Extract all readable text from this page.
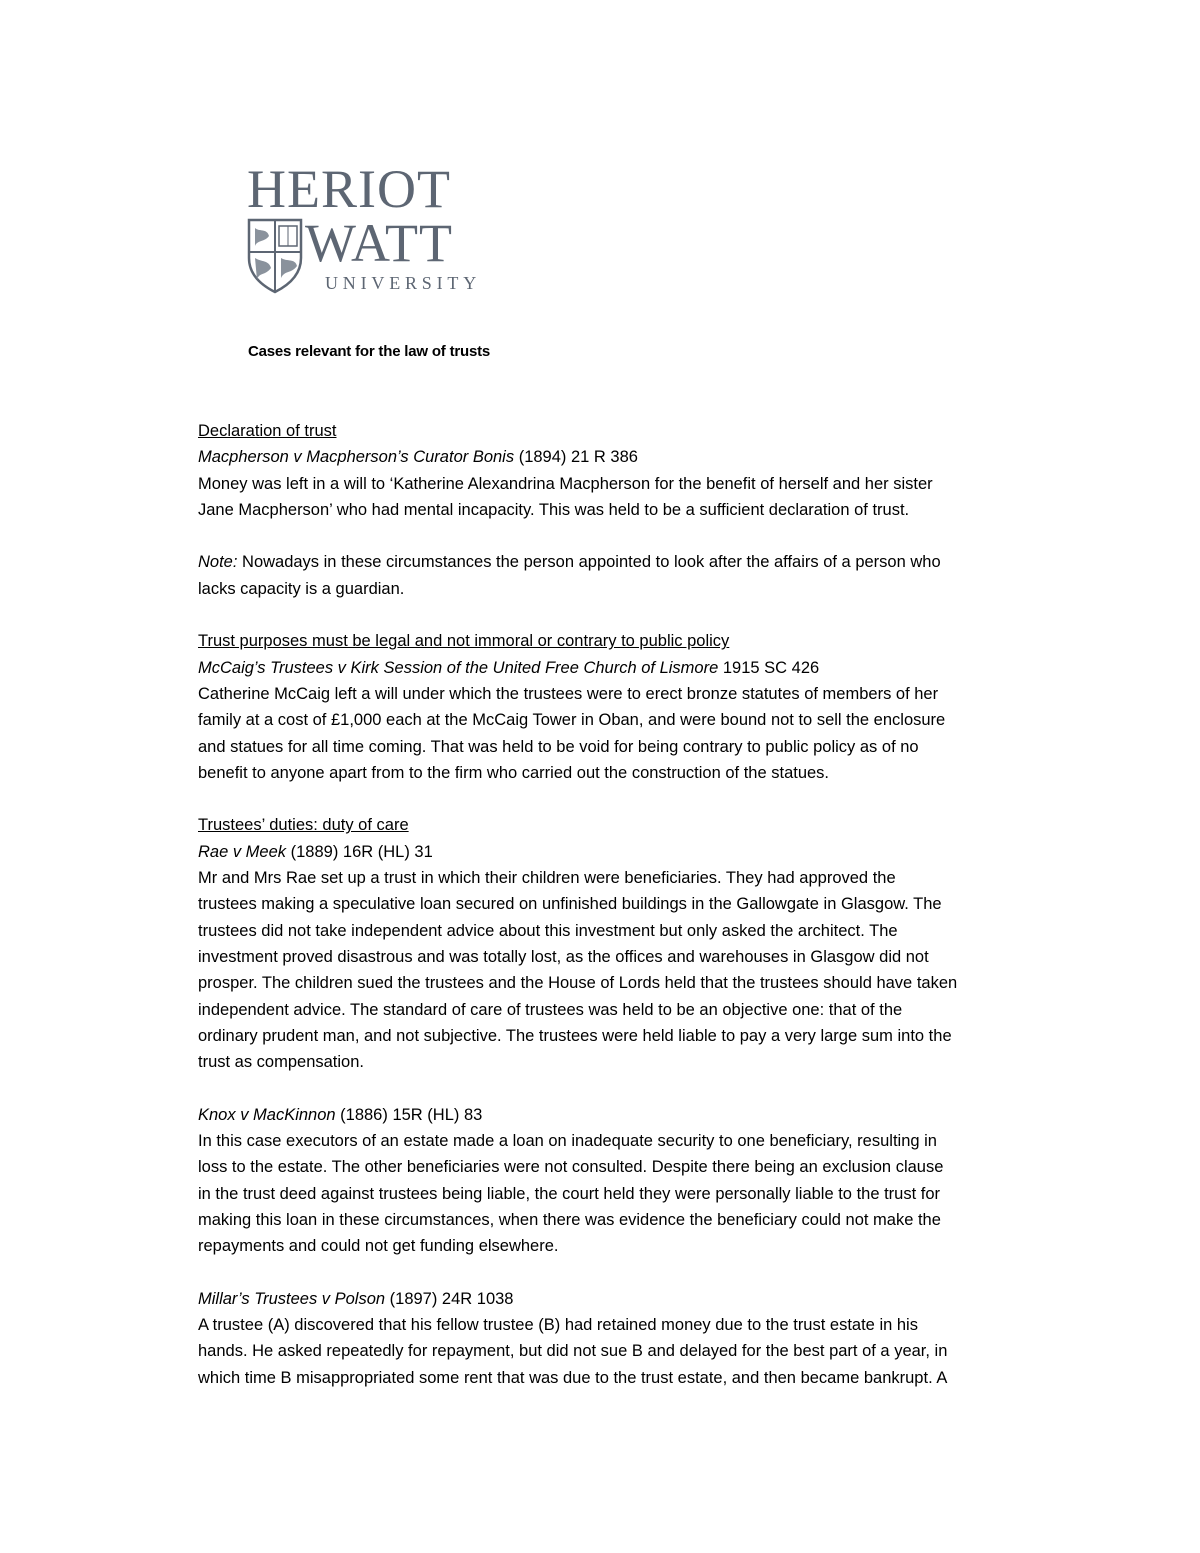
HERIOT
WATT
UNIVERSITY
Cases relevant for the law of trusts

Declaration of trust

Macpherson v Macpherson’s Curator Bonis (1894) 21 R 386

Money was left in a will to ‘Katherine Alexandrina Macpherson for the benefit of herself and her sister

Jane Macpherson’ who had mental incapacity. This was held to be a sufficient declaration of trust.

Note: Nowadays in these circumstances the person appointed to look after the affairs of a person who

lacks capacity is a guardian.

Trust purposes must be legal and not immoral or contrary to public policy

McCaig’s Trustees v Kirk Session of the United Free Church of Lismore 1915 SC 426

Catherine McCaig left a will under which the trustees were to erect bronze statutes of members of her

family at a cost of £1,000 each at the McCaig Tower in Oban, and were bound not to sell the enclosure

and statues for all time coming. That was held to be void for being contrary to public policy as of no

benefit to anyone apart from to the firm who carried out the construction of the statues.

Trustees’ duties: duty of care

Rae v Meek (1889) 16R (HL) 31

Mr and Mrs Rae set up a trust in which their children were beneficiaries. They had approved the

trustees making a speculative loan secured on unfinished buildings in the Gallowgate in Glasgow. The

trustees did not take independent advice about this investment but only asked the architect. The

investment proved disastrous and was totally lost, as the offices and warehouses in Glasgow did not

prosper. The children sued the trustees and the House of Lords held that the trustees should have taken

independent advice. The standard of care of trustees was held to be an objective one: that of the

ordinary prudent man, and not subjective. The trustees were held liable to pay a very large sum into the

trust as compensation.

Knox v MacKinnon (1886) 15R (HL) 83

In this case executors of an estate made a loan on inadequate security to one beneficiary, resulting in

loss to the estate. The other beneficiaries were not consulted. Despite there being an exclusion clause

in the trust deed against trustees being liable, the court held they were personally liable to the trust for

making this loan in these circumstances, when there was evidence the beneficiary could not make the

repayments and could not get funding elsewhere.

Millar’s Trustees v Polson (1897) 24R 1038

A trustee (A) discovered that his fellow trustee (B) had retained money due to the trust estate in his

hands. He asked repeatedly for repayment, but did not sue B and delayed for the best part of a year, in

which time B misappropriated some rent that was due to the trust estate, and then became bankrupt. A
